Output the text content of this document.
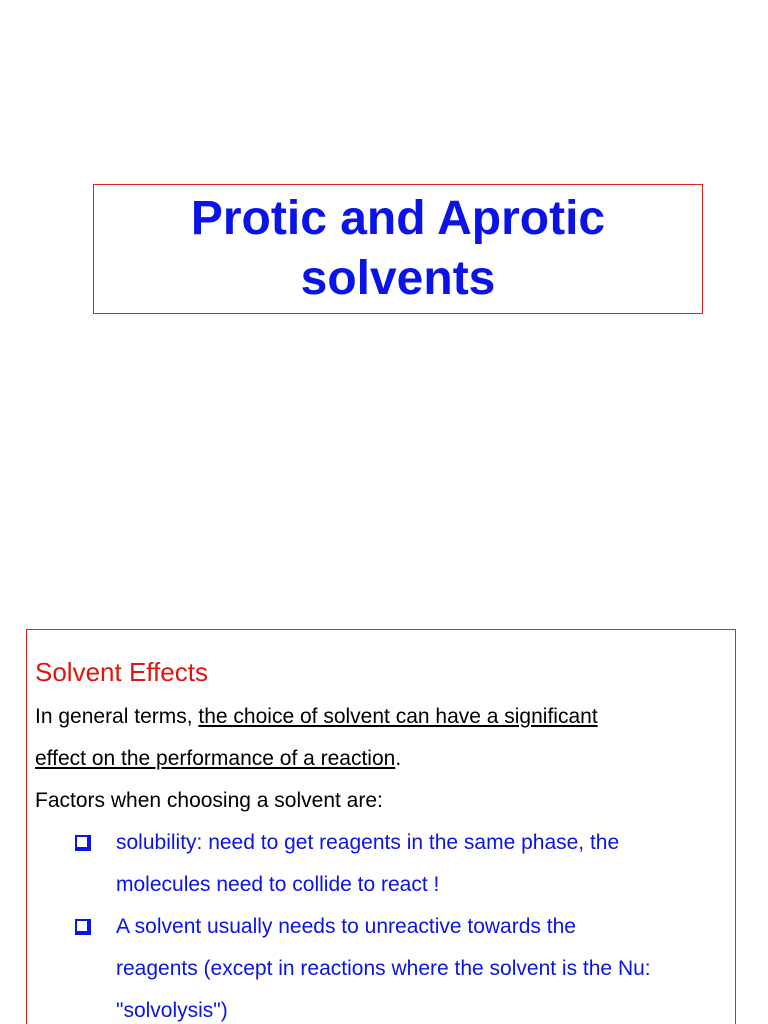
Protic and Aprotic
solvents
Solvent Effects
In general terms, the choice of solvent can have a significant
effect on the performance of a reaction.
Factors when choosing a solvent are:
solubility: need to get reagents in the same phase, the
molecules need to collide to react !
A solvent usually needs to unreactive towards the
reagents (except in reactions where the solvent is the Nu:
"solvolysis")
